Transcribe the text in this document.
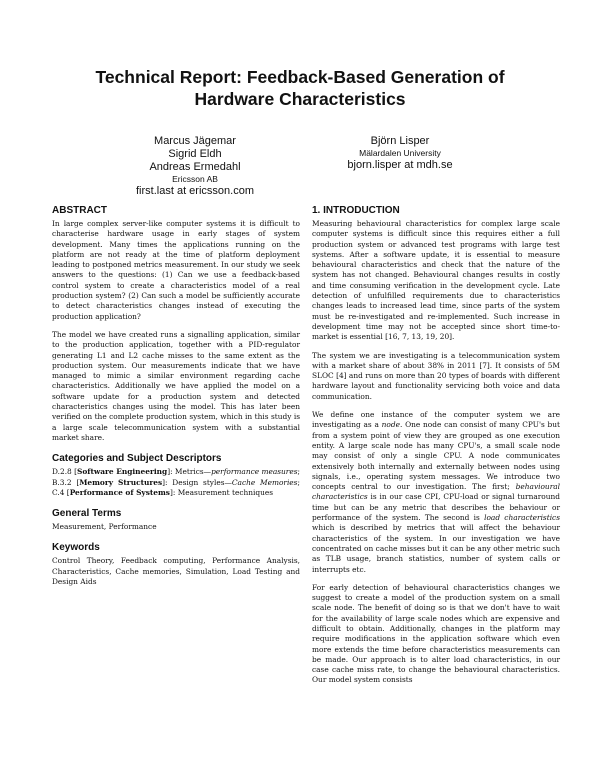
Technical Report: Feedback-Based Generation of
Hardware Characteristics
Marcus Jägemar
Sigrid Eldh
Andreas Ermedahl
Ericsson AB
first.last at ericsson.com
Björn Lisper
Mälardalen University
bjorn.lisper at mdh.se
ABSTRACT

In large complex server-like computer systems it is difficult to characterise hardware usage in early stages of system development. Many times the applications running on the platform are not ready at the time of platform deployment leading to postponed metrics measurement. In our study we seek answers to the questions: (1) Can we use a feedback-based control system to create a characteristics model of a real production system? (2) Can such a model be sufficiently accurate to detect characteristics changes instead of executing the production application?

The model we have created runs a signalling application, similar to the production application, together with a PID-regulator generating L1 and L2 cache misses to the same extent as the production system. Our measurements indicate that we have managed to mimic a similar environment regarding cache characteristics. Additionally we have applied the model on a software update for a production system and detected characteristics changes using the model. This has later been verified on the complete production system, which in this study is a large scale telecommunication system with a substantial market share.

Categories and Subject Descriptors

D.2.8 [Software Engineering]: Metrics—performance measures; B.3.2 [Memory Structures]: Design styles—Cache Memories; C.4 [Performance of Systems]: Measurement techniques

General Terms

Measurement, Performance

Keywords

Control Theory, Feedback computing, Performance Analysis, Characteristics, Cache memories, Simulation, Load Testing and Design Aids

1. INTRODUCTION

Measuring behavioural characteristics for complex large scale computer systems is difficult since this requires either a full production system or advanced test programs with large test systems. After a software update, it is essential to measure behavioural characteristics and check that the nature of the system has not changed. Behavioural changes results in costly and time consuming verification in the development cycle. Late detection of unfulfilled requirements due to characteristics changes leads to increased lead time, since parts of the system must be re-investigated and re-implemented. Such increase in development time may not be accepted since short time-to-market is essential [16, 7, 13, 19, 20].

The system we are investigating is a telecommunication system with a market share of about 38% in 2011 [7]. It consists of 5M SLOC [4] and runs on more than 20 types of boards with different hardware layout and functionality servicing both voice and data communication.

We define one instance of the computer system we are investigating as a node. One node can consist of many CPU's but from a system point of view they are grouped as one execution entity. A large scale node has many CPU's, a small scale node may consist of only a single CPU. A node communicates extensively both internally and externally between nodes using signals, i.e., operating system messages. We introduce two concepts central to our investigation. The first; behavioural characteristics is in our case CPI, CPU-load or signal turnaround time but can be any metric that describes the behaviour or performance of the system. The second is load characteristics which is described by metrics that will affect the behaviour characteristics of the system. In our investigation we have concentrated on cache misses but it can be any other metric such as TLB usage, branch statistics, number of system calls or interrupts etc.

For early detection of behavioural characteristics changes we suggest to create a model of the production system on a small scale node. The benefit of doing so is that we don't have to wait for the availability of large scale nodes which are expensive and difficult to obtain. Additionally, changes in the platform may require modifications in the application software which even more extends the time before characteristics measurements can be made. Our approach is to alter load characteristics, in our case cache miss rate, to change the behavioural characteristics. Our model system consists
